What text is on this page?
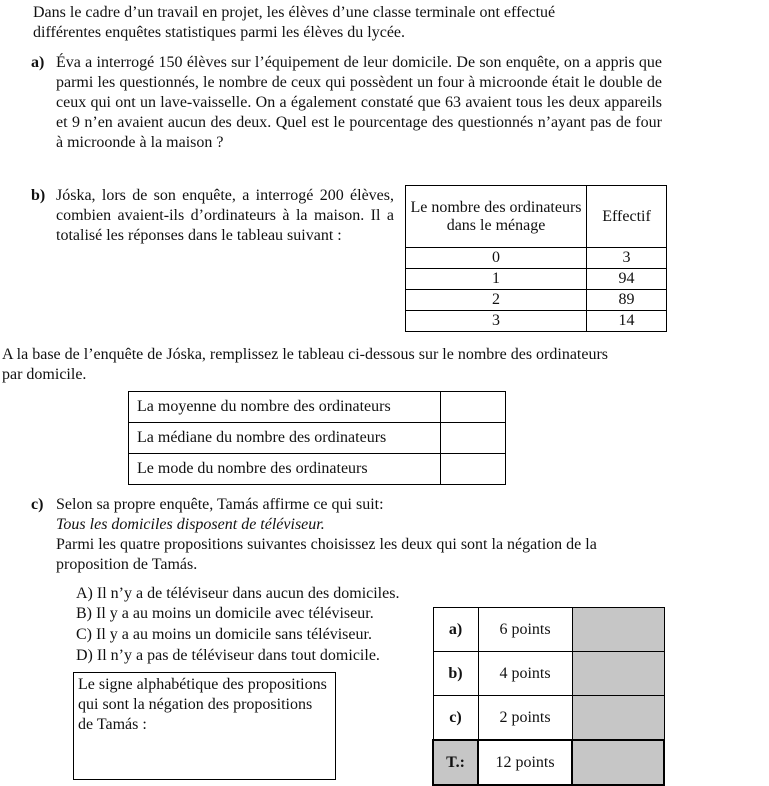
Dans le cadre d’un travail en projet, les élèves d’une classe terminale ont effectué différentes enquêtes statistiques parmi les élèves du lycée.
a) Éva a interrogé 150 élèves sur l’équipement de leur domicile. De son enquête, on a appris que parmi les questionnés, le nombre de ceux qui possèdent un four à microonde était le double de ceux qui ont un lave-vaisselle. On a également constaté que 63 avaient tous les deux appareils et 9 n’en avaient aucun des deux. Quel est le pourcentage des questionnés n’ayant pas de four à microonde à la maison ?
b) Jóska, lors de son enquête, a interrogé 200 élèves, combien avaient-ils d’ordinateurs à la maison. Il a totalisé les réponses dans le tableau suivant :
Le nombre des ordinateurs dans le ménage	Effectif
0	3
1	94
2	89
3	14
A la base de l’enquête de Jóska, remplissez le tableau ci-dessous sur le nombre des ordinateurs par domicile.
La moyenne du nombre des ordinateurs	
La médiane du nombre des ordinateurs	
Le mode du nombre des ordinateurs	
c) Selon sa propre enquête, Tamás affirme ce qui suit:
Tous les domiciles disposent de téléviseur.
Parmi les quatre propositions suivantes choisissez les deux qui sont la négation de la proposition de Tamás.
A) Il n’y a de téléviseur dans aucun des domiciles.
B) Il y a au moins un domicile avec téléviseur.
C) Il y a au moins un domicile sans téléviseur.
D) Il n’y a pas de téléviseur dans tout domicile.
Le signe alphabétique des propositions qui sont la négation des propositions de Tamás :
a)	6 points	
b)	4 points	
c)	2 points	
T.:	12 points	
